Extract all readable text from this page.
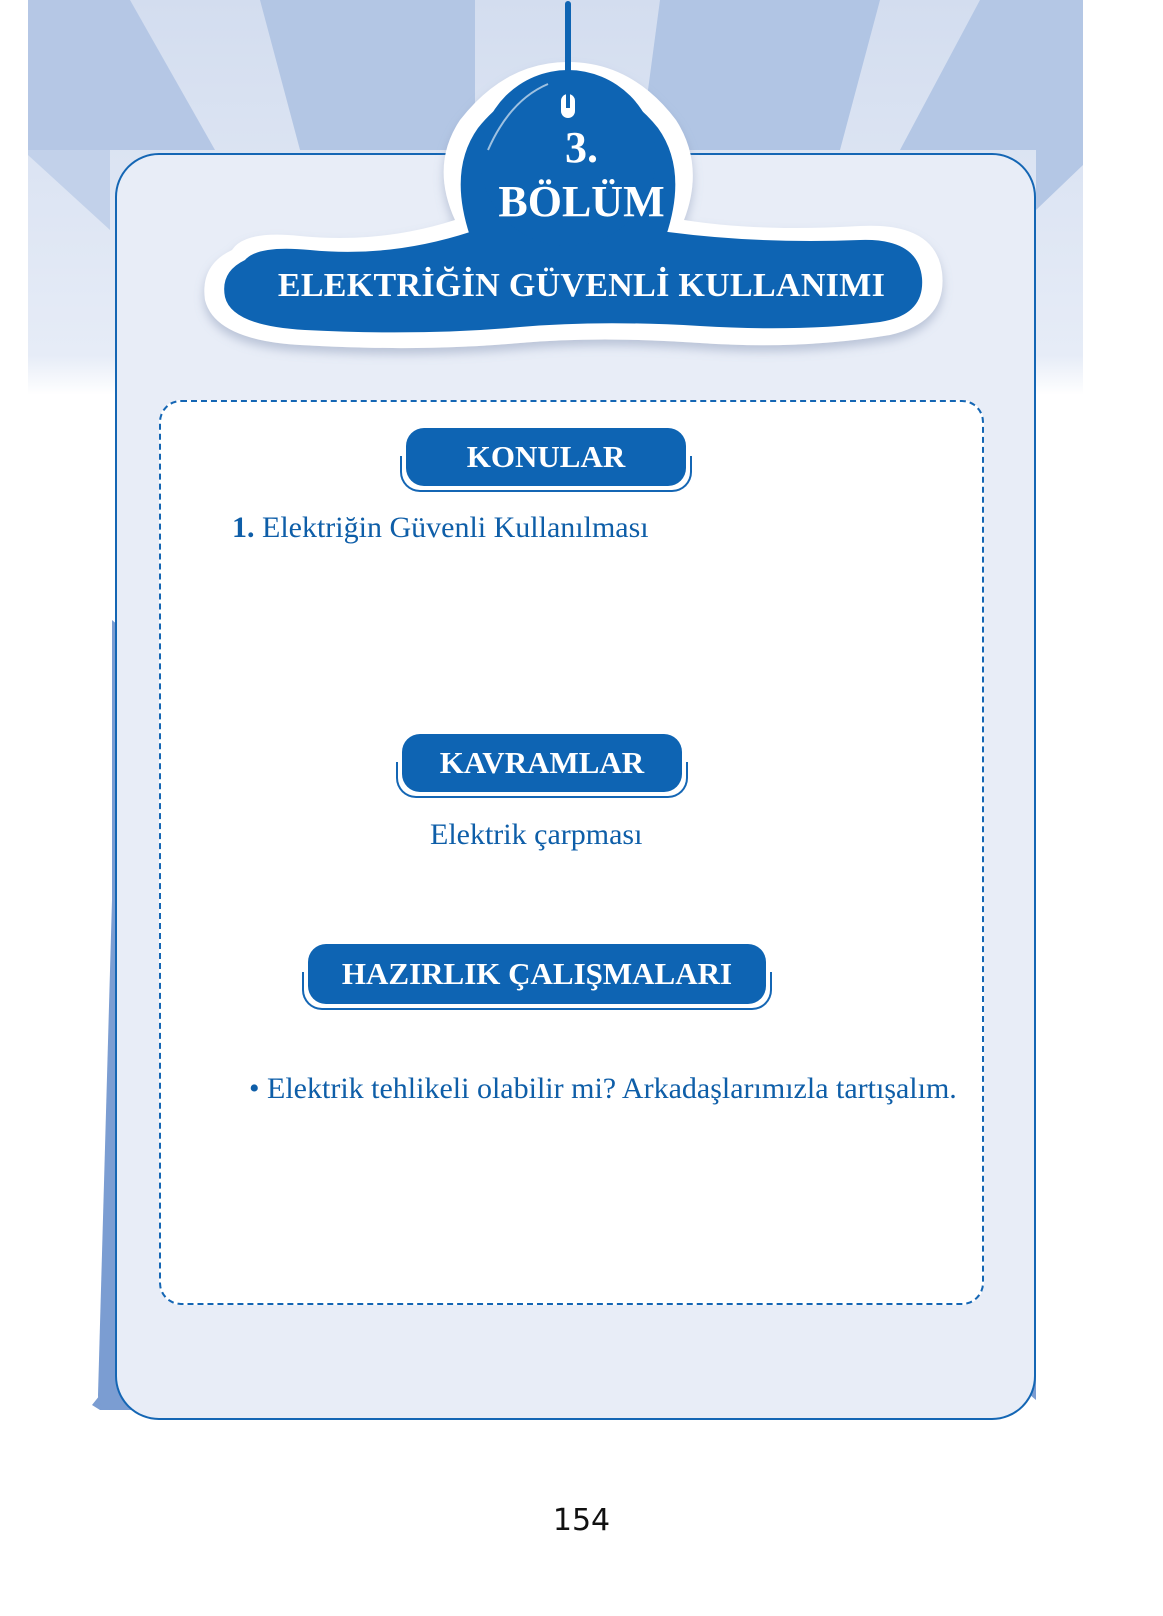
3.
BÖLÜM
ELEKTRİĞİN GÜVENLİ KULLANIMI
KONULAR
1. Elektriğin Güvenli Kullanılması
KAVRAMLAR
Elektrik çarpması
HAZIRLIK ÇALIŞMALARI
• Elektrik tehlikeli olabilir mi? Arkadaşlarımızla tartışalım.
154
